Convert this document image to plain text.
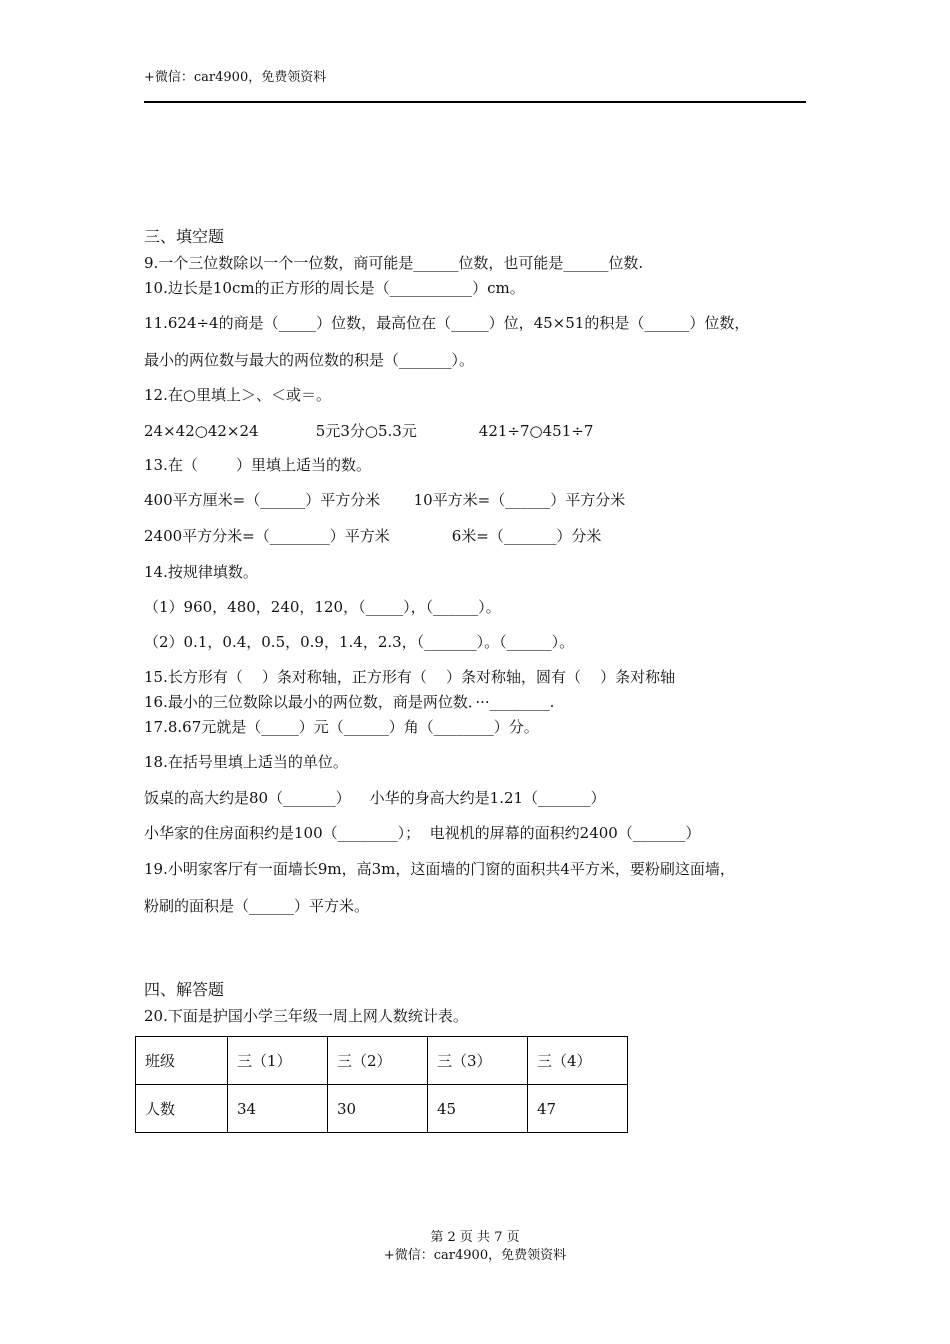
+微信：car4900，免费领资料
三、填空题
9.一个三位数除以一个一位数，商可能是______位数，也可能是______位数.
10.边长是10cm的正方形的周长是（___________）cm。
11.624÷4的商是（_____）位数，最高位在（_____）位，45×51的积是（______）位数，
最小的两位数与最大的两位数的积是（_______）。
12.在○里填上＞、＜或＝。
24×42○42×24            5元3分○5.3元             421÷7○451÷7
13.在（        ）里填上适当的数。
400平方厘米=（______）平方分米       10平方米=（______）平方分米
2400平方分米=（________）平方米             6米=（_______）分米
14.按规律填数。
（1）960，480，240，120，（_____），（______）。
（2）0.1，0.4，0.5，0.9，1.4，2.3，（_______）。（______）。
15.长方形有（    ）条对称轴，正方形有（    ）条对称轴，圆有（    ）条对称轴
16.最小的三位数除以最小的两位数，商是两位数．···________.
17.8.67元就是（_____）元（______）角（________）分。
18.在括号里填上适当的单位。
饭桌的高大约是80（_______）    小华的身高大约是1.21（_______）
小华家的住房面积约是100（________）；  电视机的屏幕的面积约2400（_______）
19.小明家客厅有一面墙长9m，高3m，这面墙的门窗的面积共4平方米，要粉刷这面墙，
粉刷的面积是（______）平方米。
四、解答题
20.下面是护国小学三年级一周上网人数统计表。
班级	三（1）	三（2）	三（3）	三（4）
人数	34	30	45	47
第 2 页 共 7 页
+微信：car4900，免费领资料
